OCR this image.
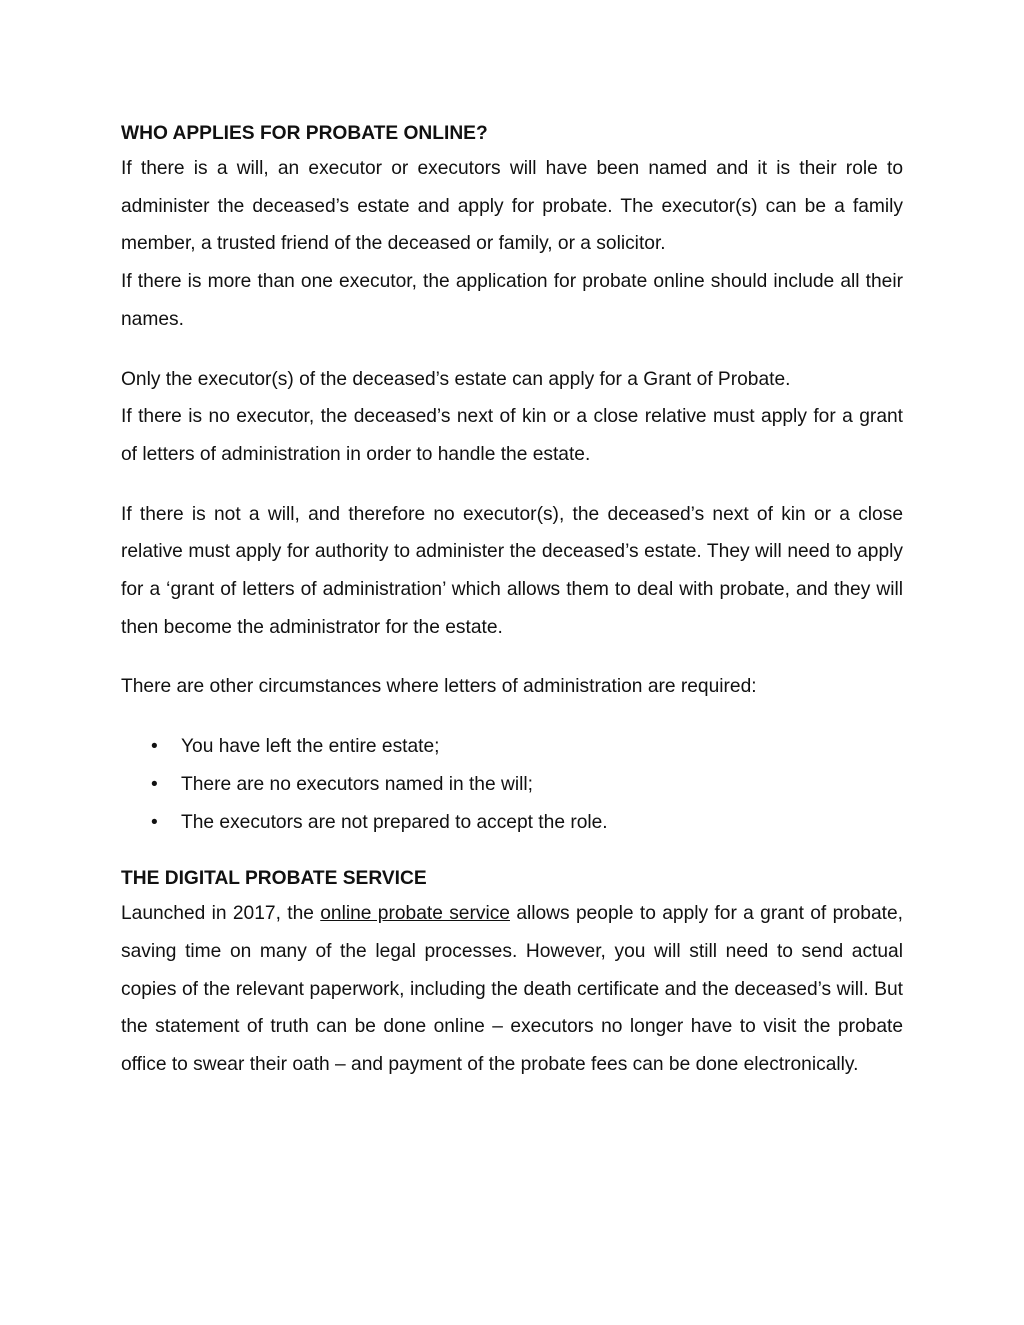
WHO APPLIES FOR PROBATE ONLINE?

If there is a will, an executor or executors will have been named and it is their role to administer the deceased’s estate and apply for probate. The executor(s) can be a family member, a trusted friend of the deceased or family, or a solicitor.

If there is more than one executor, the application for probate online should include all their names.

Only the executor(s) of the deceased’s estate can apply for a Grant of Probate.

If there is no executor, the deceased’s next of kin or a close relative must apply for a grant of letters of administration in order to handle the estate.

If there is not a will, and therefore no executor(s), the deceased’s next of kin or a close relative must apply for authority to administer the deceased’s estate. They will need to apply for a ‘grant of letters of administration’ which allows them to deal with probate, and they will then become the administrator for the estate.

There are other circumstances where letters of administration are required:

• You have left the entire estate;
• There are no executors named in the will;
• The executors are not prepared to accept the role.

THE DIGITAL PROBATE SERVICE

Launched in 2017, the online probate service allows people to apply for a grant of probate, saving time on many of the legal processes. However, you will still need to send actual copies of the relevant paperwork, including the death certificate and the deceased’s will. But the statement of truth can be done online – executors no longer have to visit the probate office to swear their oath – and payment of the probate fees can be done electronically.
